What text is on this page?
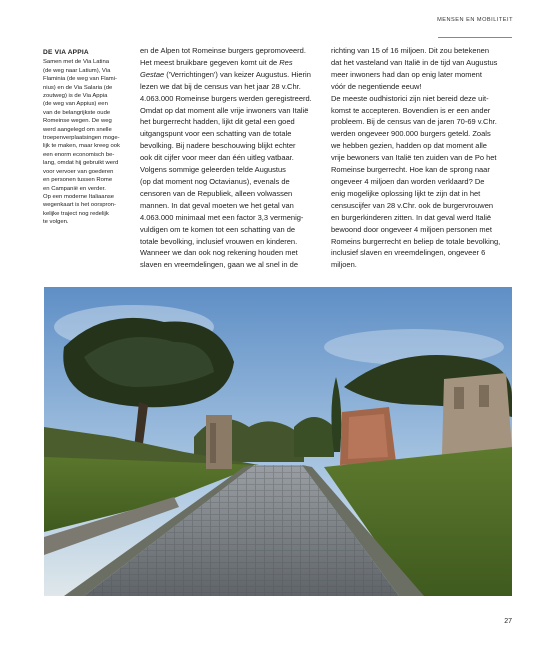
MENSEN EN MOBILITEIT
DE VIA APPIA
Samen met de Via Latina
(de weg naar Latium), Via
Flaminia (de weg van Flami-
nius) en de Via Salaria (de
zoutweg) is de Via Appia
(de weg van Appius) een
van de belangrijkste oude
Romeinse wegen. De weg
werd aangelegd om snelle
troepenverplaatsingen moge-
lijk te maken, maar kreeg ook
een enorm economisch be-
lang, omdat hij gebruikt werd
voor vervoer van goederen
en personen tussen Rome
en Campanië en verder.
Op een moderne Italiaanse
wegenkaart is het oorspron-
kelijke traject nog redelijk
te volgen.
en de Alpen tot Romeinse burgers gepromoveerd.
Het meest bruikbare gegeven komt uit de Res
Gestae ('Verrichtingen') van keizer Augustus. Hierin
lezen we dat bij de census van het jaar 28 v.Chr.
4.063.000 Romeinse burgers werden geregistreerd.
Omdat op dat moment alle vrije inwoners van Italië
het burgerrecht hadden, lijkt dit getal een goed
uitgangspunt voor een schatting van de totale
bevolking. Bij nadere beschouwing blijkt echter
ook dit cijfer voor meer dan één uitleg vatbaar.
Volgens sommige geleerden telde Augustus
(op dat moment nog Octavianus), evenals de
censoren van de Republiek, alleen volwassen
mannen. In dat geval moeten we het getal van
4.063.000 minimaal met een factor 3,3 vermenig-
vuldigen om te komen tot een schatting van de
totale bevolking, inclusief vrouwen en kinderen.
Wanneer we dan ook nog rekening houden met
slaven en vreemdelingen, gaan we al snel in de
richting van 15 of 16 miljoen. Dit zou betekenen
dat het vasteland van Italië in de tijd van Augustus
meer inwoners had dan op enig later moment
vóór de negentiende eeuw!
De meeste oudhistorici zijn niet bereid deze uit-
komst te accepteren. Bovendien is er een ander
probleem. Bij de census van de jaren 70-69 v.Chr.
werden ongeveer 900.000 burgers geteld. Zoals
we hebben gezien, hadden op dat moment alle
vrije bewoners van Italië ten zuiden van de Po het
Romeinse burgerrecht. Hoe kan de sprong naar
ongeveer 4 miljoen dan worden verklaard? De
enig mogelijke oplossing lijkt te zijn dat in het
censuscijfer van 28 v.Chr. ook de burgervrouwen
en burgerkinderen zitten. In dat geval werd Italië
bewoond door ongeveer 4 miljoen personen met
Romeins burgerrecht en beliep de totale bevolking,
inclusief slaven en vreemdelingen, ongeveer 6
miljoen.
27
